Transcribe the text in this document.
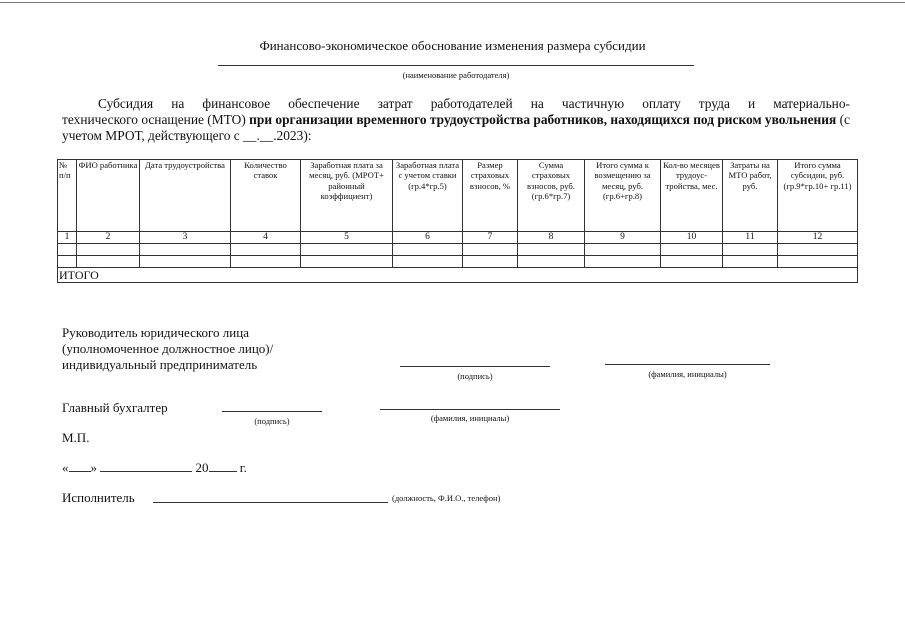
Финансово-экономическое обоснование изменения размера субсидии
(наименование работодателя)
Субсидия на финансовое обеспечение затрат работодателей на частичную оплату труда и материально-
технического оснащение (МТО) при организации временного трудоустройства работников, находящихся под риском увольнения (с учетом МРОТ, действующего с __.__.2023):
№ п/п	ФИО работника	Дата трудоустройства	Количество ставок	Заработная плата за месяц, руб. (МРОТ+ районный коэффициент)	Заработная плата с учетом ставки (гр.4*гр.5)	Размер страховых взносов, %	Сумма страховых взносов, руб. (гр.6*гр.7)	Итого сумма к возмещению за месяц, руб. (гр.6+гр.8)	Кол-во месяцев трудоус-тройства, мес.	Затраты на МТО работ, руб.	Итого сумма субсидии, руб. (гр.9*гр.10+ гр.11)
1	2	3	4	5	6	7	8	9	10	11	12

ИТОГО											
Руководитель юридического лица
(уполномоченное должностное лицо)/
индивидуальный предприниматель
(подпись)	(фамилия, инициалы)
Главный бухгалтер
(подпись)	(фамилия, инициалы)
М.П.
« »	20 г.
Исполнитель	(должность, Ф.И.О., телефон)
